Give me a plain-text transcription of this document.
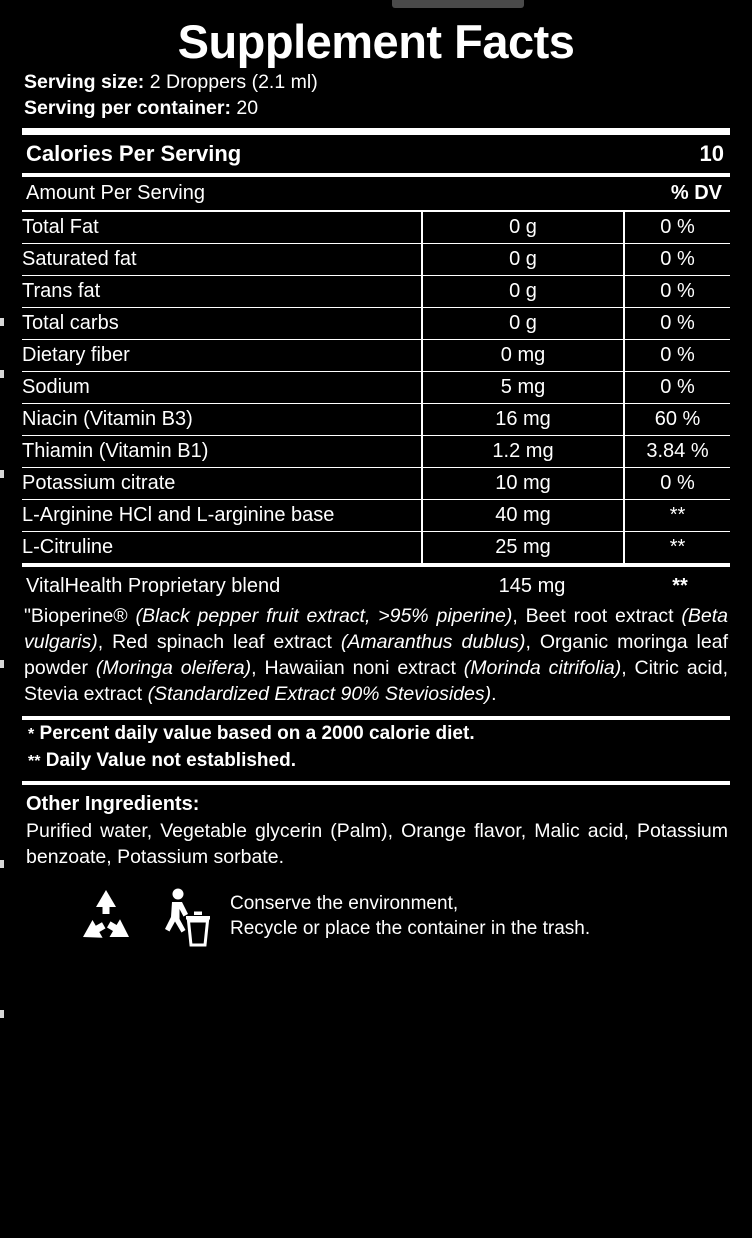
Supplement Facts
Serving size: 2 Droppers (2.1 ml)
Serving per container: 20
Calories Per Serving	10
Amount Per Serving	% DV
Total Fat	0 g	0 %
Saturated fat	0 g	0 %
Trans fat	0 g	0 %
Total carbs	0 g	0 %
Dietary fiber	0 mg	0 %
Sodium	5 mg	0 %
Niacin (Vitamin B3)	16 mg	60 %
Thiamin (Vitamin B1)	1.2 mg	3.84 %
Potassium citrate	10 mg	0 %
L-Arginine HCl and L-arginine base	40 mg	**
L-Citruline	25 mg	**
VitalHealth Proprietary blend	145 mg	**
"Bioperine® (Black pepper fruit extract, >95% piperine), Beet root extract (Beta vulgaris), Red spinach leaf extract (Amaranthus dublus), Organic moringa leaf powder (Moringa oleifera), Hawaiian noni extract (Morinda citrifolia), Citric acid, Stevia extract (Standardized Extract 90% Steviosides).
* Percent daily value based on a 2000 calorie diet.
** Daily Value not established.
Other Ingredients:
Purified water, Vegetable glycerin (Palm), Orange flavor, Malic acid, Potassium benzoate, Potassium sorbate.
Conserve the environment,
Recycle or place the container in the trash.
